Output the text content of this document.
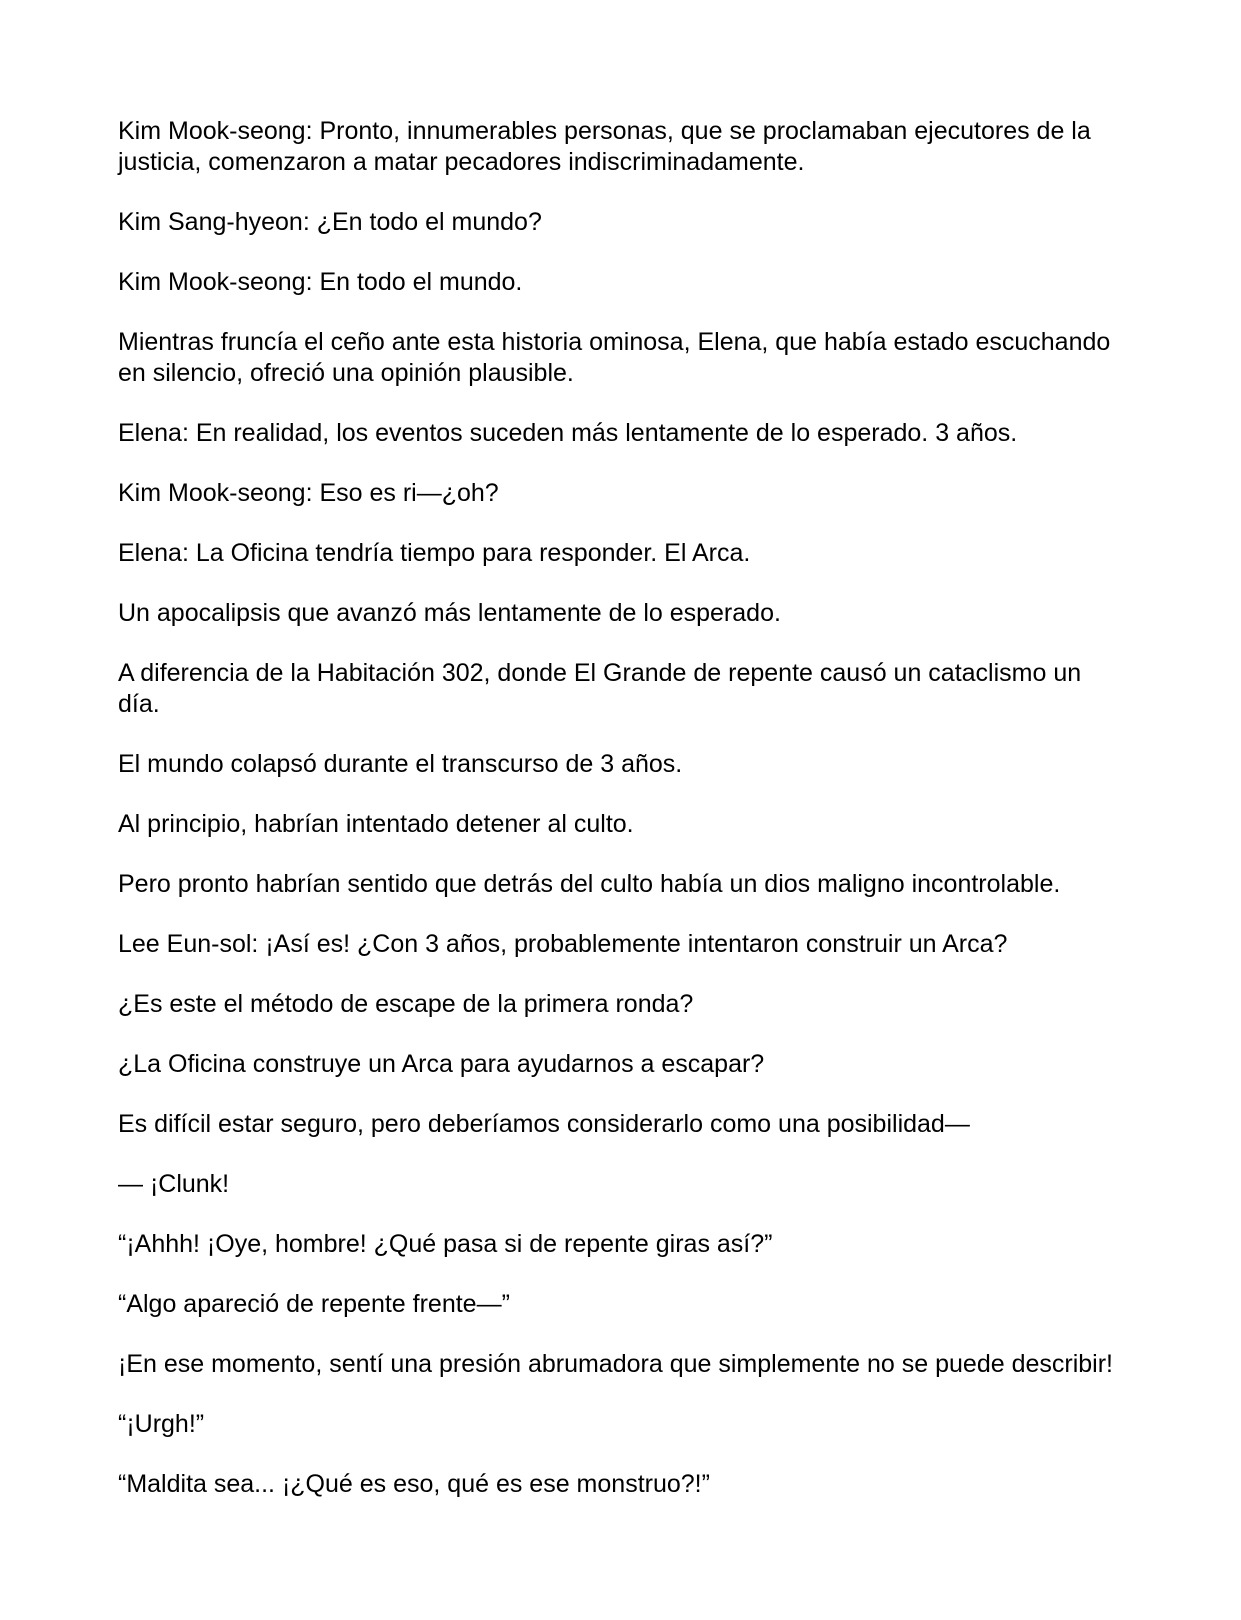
Kim Mook-seong: Pronto, innumerables personas, que se proclamaban ejecutores de la justicia, comenzaron a matar pecadores indiscriminadamente.

Kim Sang-hyeon: ¿En todo el mundo?

Kim Mook-seong: En todo el mundo.

Mientras fruncía el ceño ante esta historia ominosa, Elena, que había estado escuchando en silencio, ofreció una opinión plausible.

Elena: En realidad, los eventos suceden más lentamente de lo esperado. 3 años.

Kim Mook-seong: Eso es ri—¿oh?

Elena: La Oficina tendría tiempo para responder. El Arca.

Un apocalipsis que avanzó más lentamente de lo esperado.

A diferencia de la Habitación 302, donde El Grande de repente causó un cataclismo un día.

El mundo colapsó durante el transcurso de 3 años.

Al principio, habrían intentado detener al culto.

Pero pronto habrían sentido que detrás del culto había un dios maligno incontrolable.

Lee Eun-sol: ¡Así es! ¿Con 3 años, probablemente intentaron construir un Arca?

¿Es este el método de escape de la primera ronda?

¿La Oficina construye un Arca para ayudarnos a escapar?

Es difícil estar seguro, pero deberíamos considerarlo como una posibilidad—

— ¡Clunk!

“¡Ahhh! ¡Oye, hombre! ¿Qué pasa si de repente giras así?”

“Algo apareció de repente frente—”

¡En ese momento, sentí una presión abrumadora que simplemente no se puede describir!

“¡Urgh!”

“Maldita sea... ¡¿Qué es eso, qué es ese monstruo?!”
